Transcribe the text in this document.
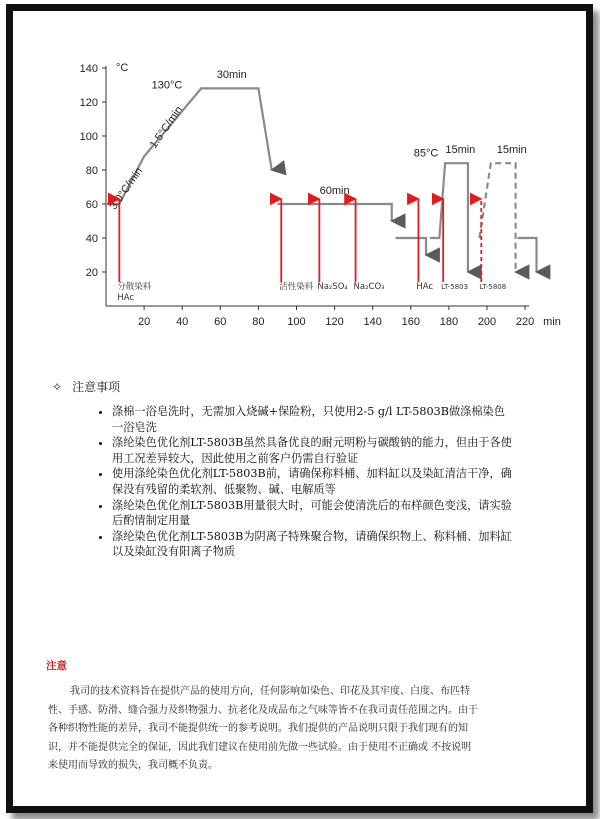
20
40
60
80
100
120
140
20 40 60 80 100 120 140 160 180 200 220 min
°C
130°C
30min
1.5°C/min
3.0°C/min	60min
85°C 15min 15min
分散染料
HAc
活性染料 Na₂SO₄ Na₂CO₃	HAc LT-5803 LT-5808
✧ 注意事项
• 涤棉一浴皂洗时，无需加入烧碱+保险粉，只使用2-5 g/l LT-5803B做涤棉染色一浴皂洗
• 涤纶染色优化剂LT-5803B虽然具备优良的耐元明粉与碳酸钠的能力，但由于各使用工况差异较大，因此使用之前客户仍需自行验证
• 使用涤纶染色优化剂LT-5803B前，请确保称料桶、加料缸以及染缸清洁干净，确保没有残留的柔软剂、低聚物、碱、电解质等
• 涤纶染色优化剂LT-5803B用量很大时，可能会使清洗后的布样颜色变浅，请实验后酌情制定用量
• 涤纶染色优化剂LT-5803B为阴离子特殊聚合物，请确保织物上、称料桶、加料缸以及染缸没有阳离子物质
注意

我司的技术资料旨在提供产品的使用方向，任何影响如染色、印花及其牢度、白度、布匹特性、手感、防滑、缝合强力及织物强力、抗老化及成品布之气味等皆不在我司责任范围之内。由于各种织物性能的差异，我司不能提供统一的参考说明。我们提供的产品说明只限于我们现有的知识，并不能提供完全的保证，因此我们建议在使用前先做一些试验。由于使用不正确或 不按说明来使用而导致的损失，我司概不负责。
